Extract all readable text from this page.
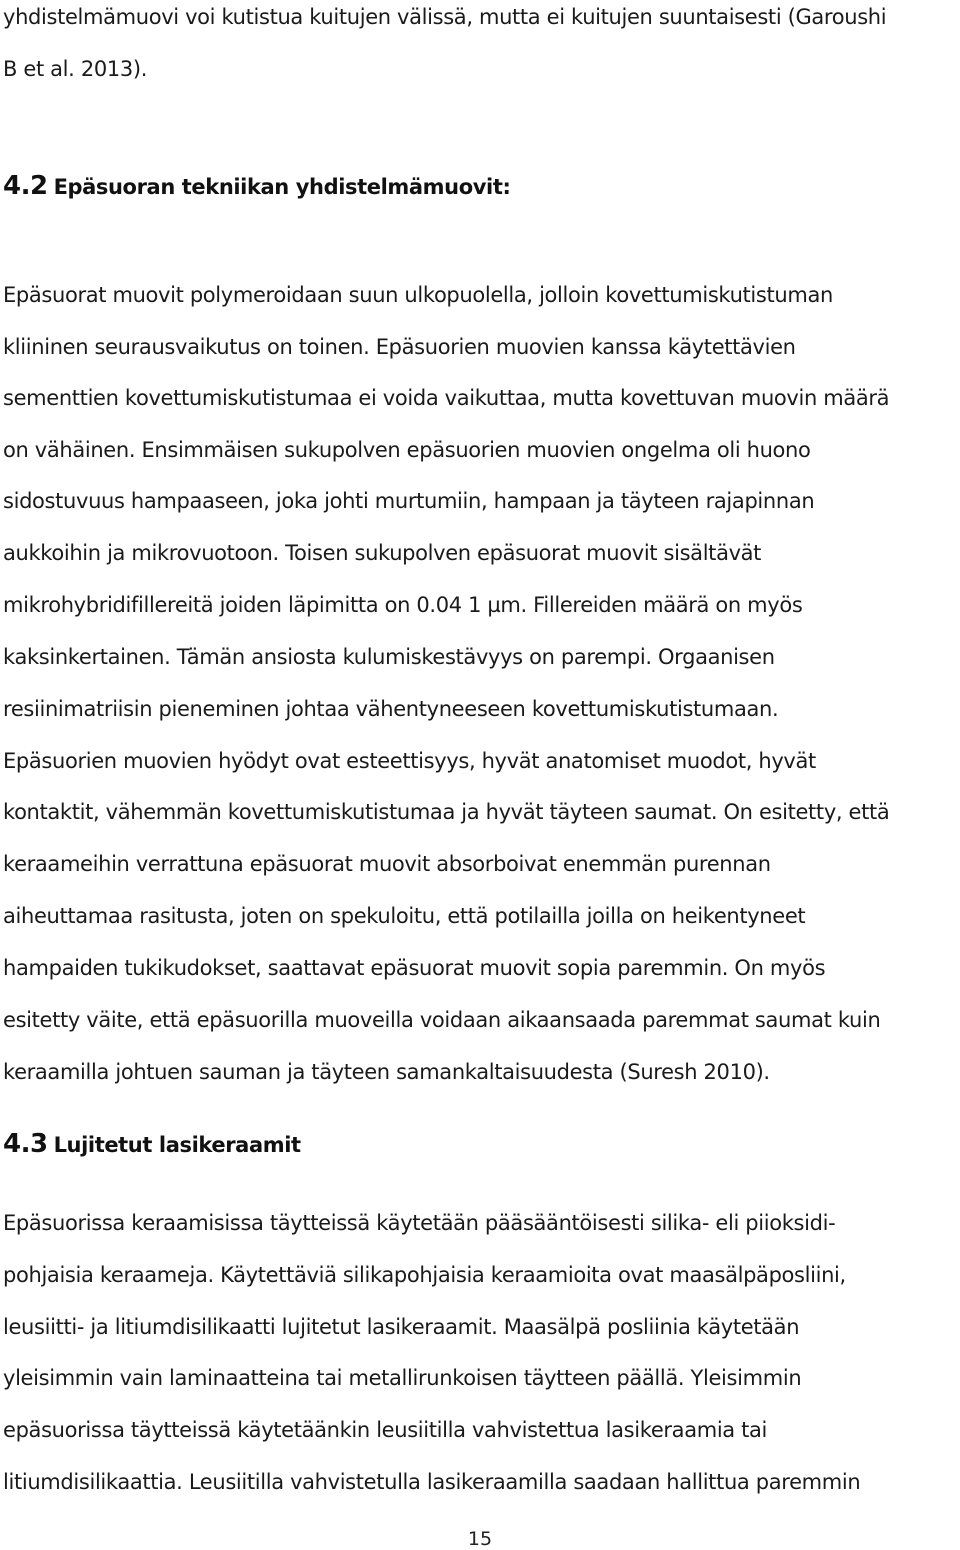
yhdistelmämuovi voi kutistua kuitujen välissä, mutta ei kuitujen suuntaisesti (Garoushi
B et al. 2013).
4.2 Epäsuoran tekniikan yhdistelmämuovit:
Epäsuorat muovit polymeroidaan suun ulkopuolella, jolloin kovettumiskutistuman
kliininen seurausvaikutus on toinen. Epäsuorien muovien kanssa käytettävien
sementtien kovettumiskutistumaa ei voida vaikuttaa, mutta kovettuvan muovin määrä
on vähäinen. Ensimmäisen sukupolven epäsuorien muovien ongelma oli huono
sidostuvuus hampaaseen, joka johti murtumiin, hampaan ja täyteen rajapinnan
aukkoihin ja mikrovuotoon. Toisen sukupolven epäsuorat muovit sisältävät
mikrohybridifillereitä joiden läpimitta on 0.04 1 µm. Fillereiden määrä on myös
kaksinkertainen. Tämän ansiosta kulumiskestävyys on parempi. Orgaanisen
resiinimatriisin pieneminen johtaa vähentyneeseen kovettumiskutistumaan.
Epäsuorien muovien hyödyt ovat esteettisyys, hyvät anatomiset muodot, hyvät
kontaktit, vähemmän kovettumiskutistumaa ja hyvät täyteen saumat. On esitetty, että
keraameihin verrattuna epäsuorat muovit absorboivat enemmän purennan
aiheuttamaa rasitusta, joten on spekuloitu, että potilailla joilla on heikentyneet
hampaiden tukikudokset, saattavat epäsuorat muovit sopia paremmin. On myös
esitetty väite, että epäsuorilla muoveilla voidaan aikaansaada paremmat saumat kuin
keraamilla johtuen sauman ja täyteen samankaltaisuudesta (Suresh 2010).
4.3 Lujitetut lasikeraamit
Epäsuorissa keraamisissa täytteissä käytetään pääsääntöisesti silika- eli piioksidi-
pohjaisia keraameja. Käytettäviä silikapohjaisia keraamioita ovat maasälpäposliini,
leusiitti- ja litiumdisilikaatti lujitetut lasikeraamit. Maasälpä posliinia käytetään
yleisimmin vain laminaatteina tai metallirunkoisen täytteen päällä. Yleisimmin
epäsuorissa täytteissä käytetäänkin leusiitilla vahvistettua lasikeraamia tai
litiumdisilikaattia. Leusiitilla vahvistetulla lasikeraamilla saadaan hallittua paremmin
15
